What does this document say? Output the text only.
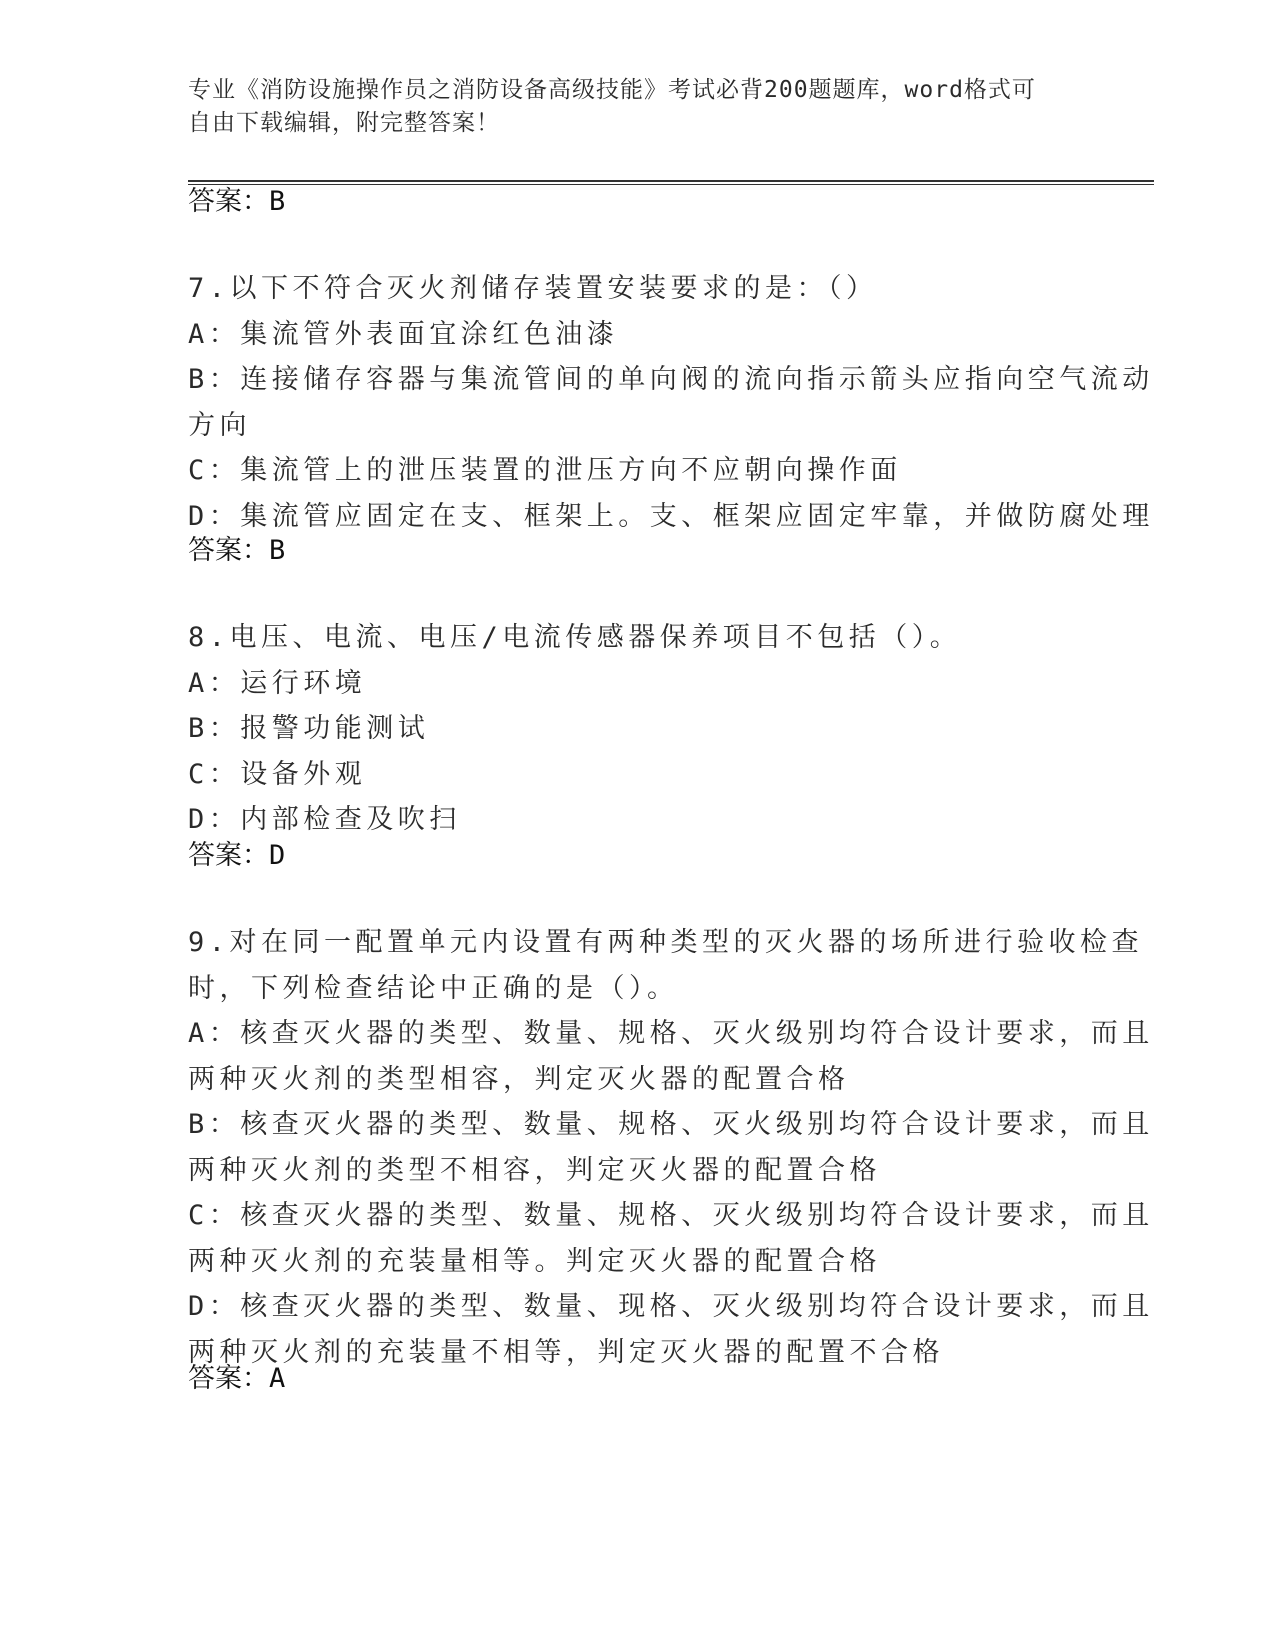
专业《消防设施操作员之消防设备高级技能》考试必背200题题库，word格式可
自由下载编辑，附完整答案！
答案：B
7.以下不符合灭火剂储存装置安装要求的是：（）
A：集流管外表面宜涂红色油漆
B：连接储存容器与集流管间的单向阀的流向指示箭头应指向空气流动
方向
C：集流管上的泄压装置的泄压方向不应朝向操作面
D：集流管应固定在支、框架上。支、框架应固定牢靠，并做防腐处理
答案：B
8.电压、电流、电压/电流传感器保养项目不包括（）。
A：运行环境
B：报警功能测试
C：设备外观
D：内部检查及吹扫
答案：D
9.对在同一配置单元内设置有两种类型的灭火器的场所进行验收检查
时，下列检查结论中正确的是（）。
A：核查灭火器的类型、数量、规格、灭火级别均符合设计要求，而且
两种灭火剂的类型相容，判定灭火器的配置合格
B：核查灭火器的类型、数量、规格、灭火级别均符合设计要求，而且
两种灭火剂的类型不相容，判定灭火器的配置合格
C：核查灭火器的类型、数量、规格、灭火级别均符合设计要求，而且
两种灭火剂的充装量相等。判定灭火器的配置合格
D：核查灭火器的类型、数量、现格、灭火级别均符合设计要求，而且
两种灭火剂的充装量不相等，判定灭火器的配置不合格
答案：A
